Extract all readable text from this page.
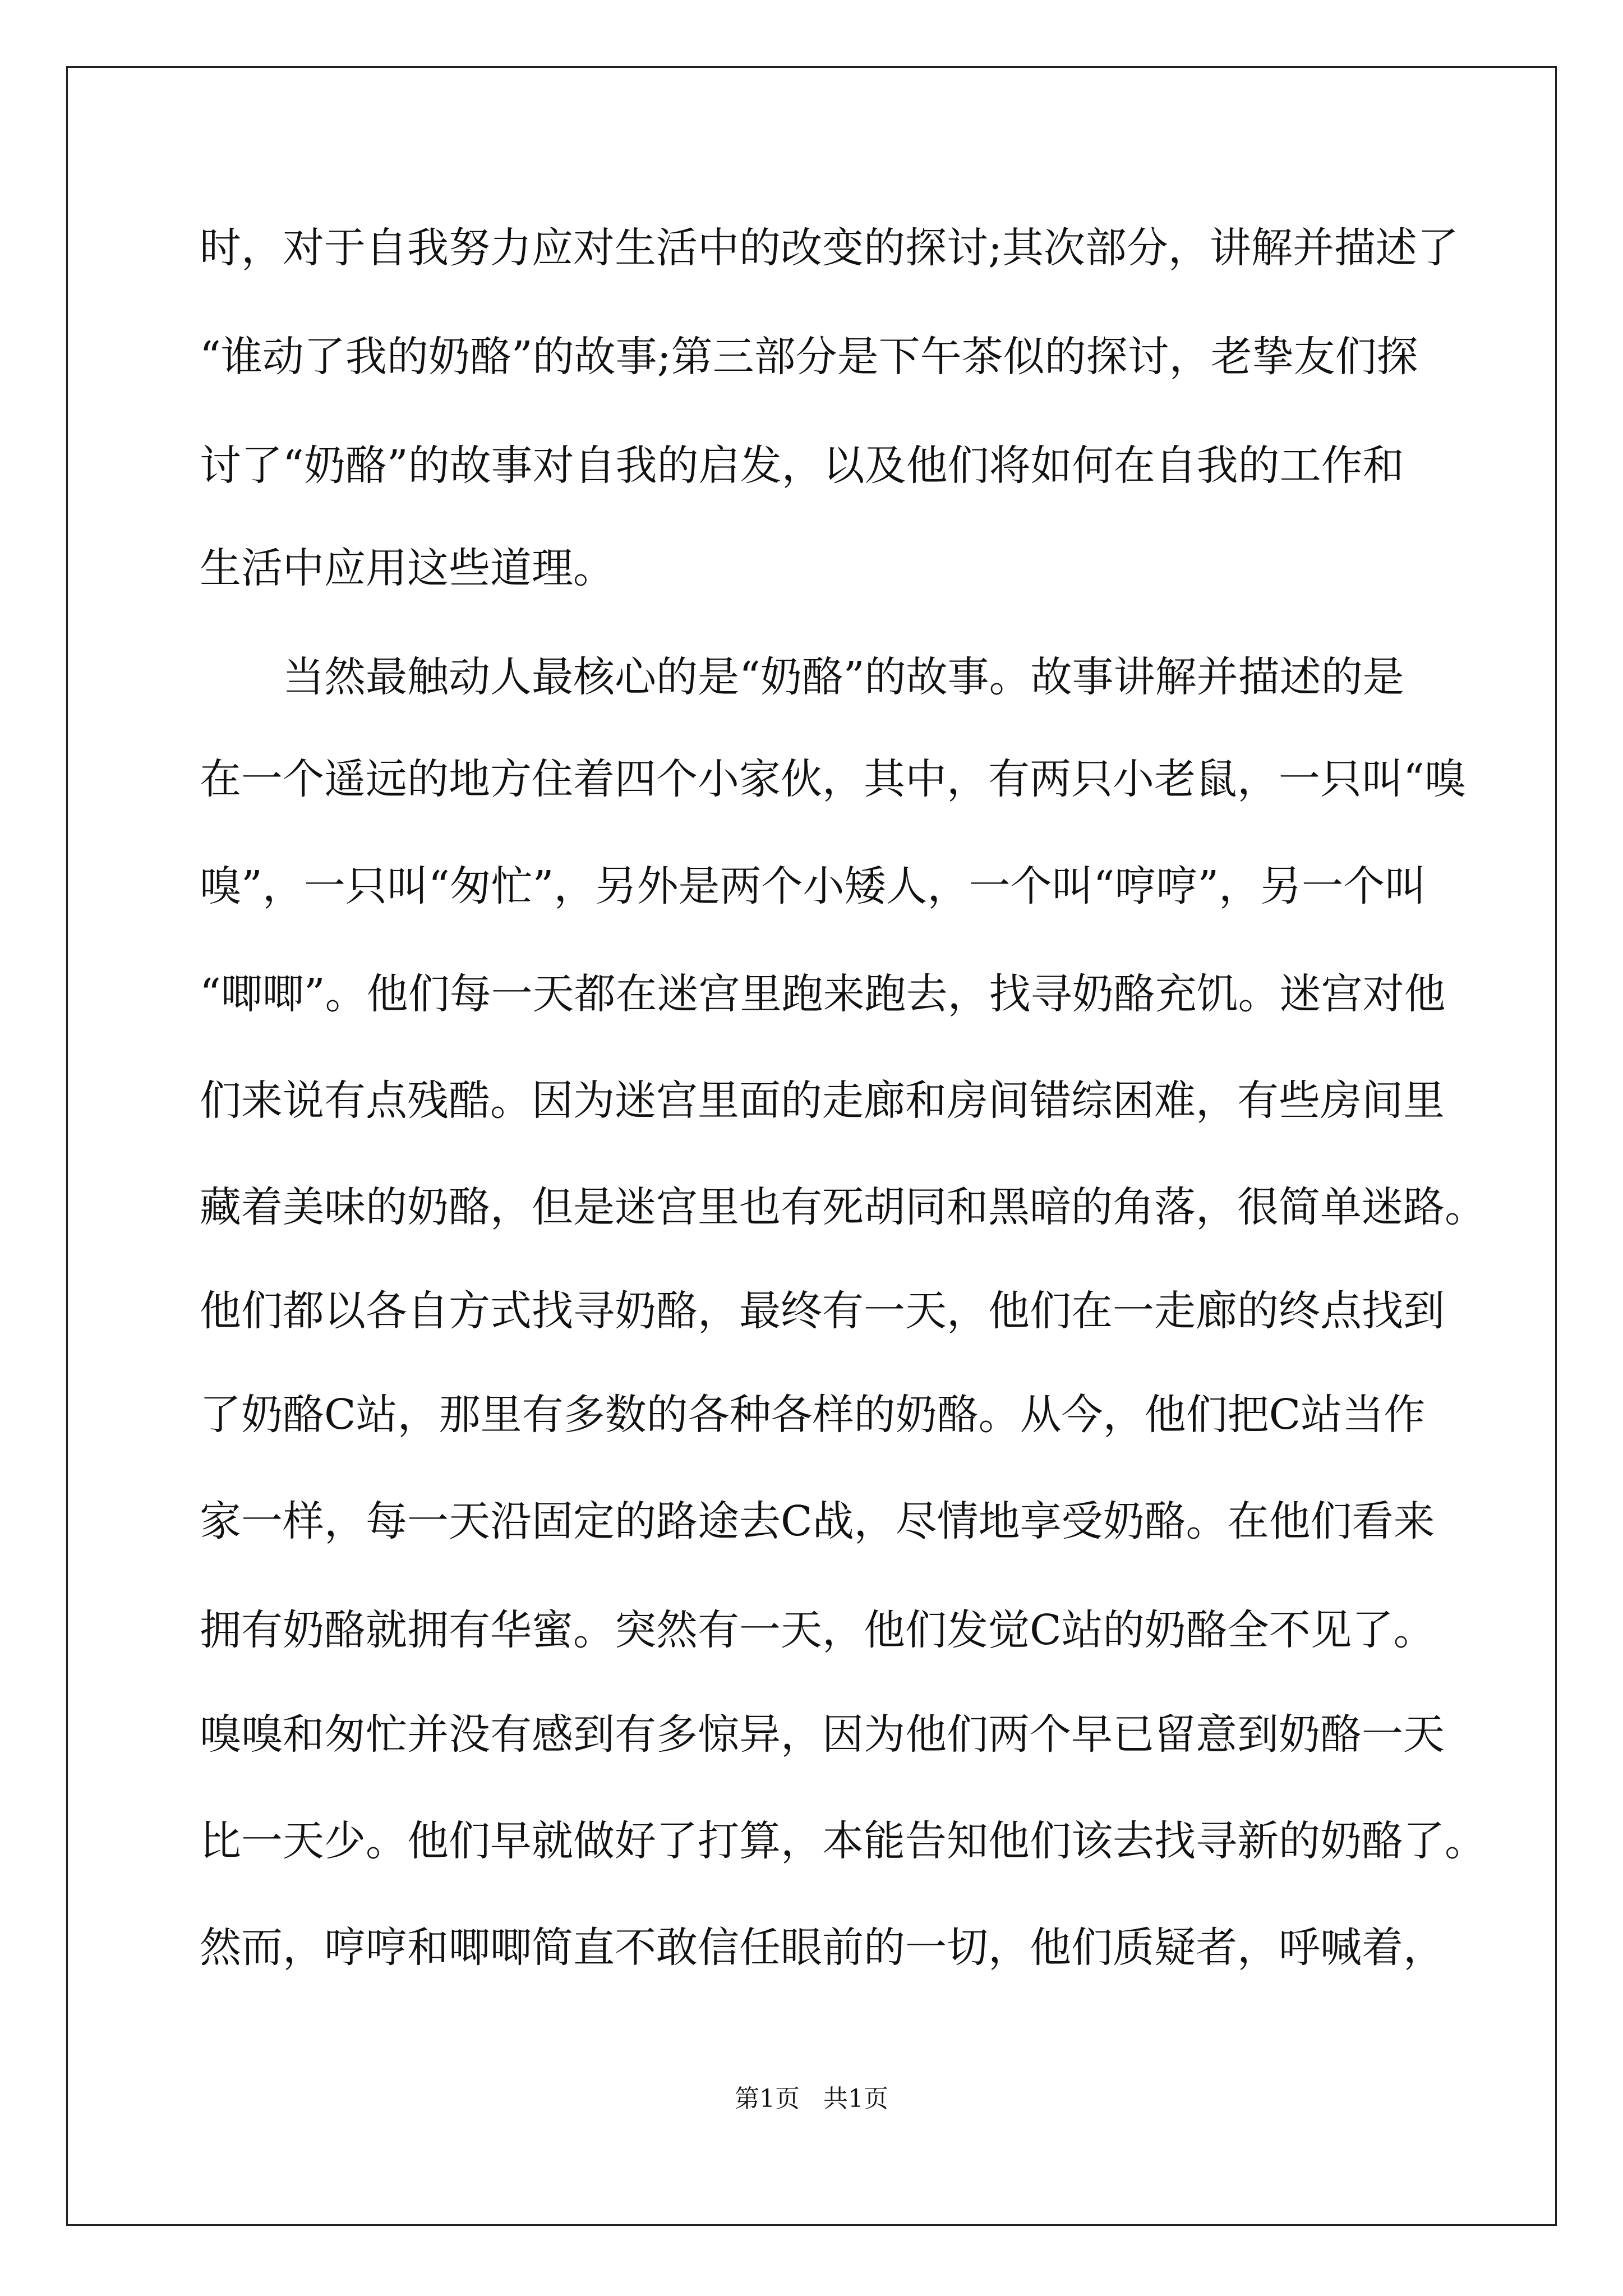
时，对于自我努力应对生活中的改变的探讨;其次部分，讲解并描述了
“谁动了我的奶酪”的故事;第三部分是下午茶似的探讨，老挚友们探
讨了“奶酪”的故事对自我的启发，以及他们将如何在自我的工作和
生活中应用这些道理。
　　当然最触动人最核心的是“奶酪”的故事。故事讲解并描述的是
在一个遥远的地方住着四个小家伙，其中，有两只小老鼠，一只叫“嗅
嗅”，一只叫“匆忙”，另外是两个小矮人，一个叫“哼哼”，另一个叫
“唧唧”。他们每一天都在迷宫里跑来跑去，找寻奶酪充饥。迷宫对他
们来说有点残酷。因为迷宫里面的走廊和房间错综困难，有些房间里
藏着美味的奶酪，但是迷宫里也有死胡同和黑暗的角落，很简单迷路。
他们都以各自方式找寻奶酪，最终有一天，他们在一走廊的终点找到
了奶酪C站，那里有多数的各种各样的奶酪。从今，他们把C站当作
家一样，每一天沿固定的路途去C战，尽情地享受奶酪。在他们看来
拥有奶酪就拥有华蜜。突然有一天，他们发觉C站的奶酪全不见了。
嗅嗅和匆忙并没有感到有多惊异，因为他们两个早已留意到奶酪一天
比一天少。他们早就做好了打算，本能告知他们该去找寻新的奶酪了。
然而，哼哼和唧唧简直不敢信任眼前的一切，他们质疑者，呼喊着，
第1页   共1页
